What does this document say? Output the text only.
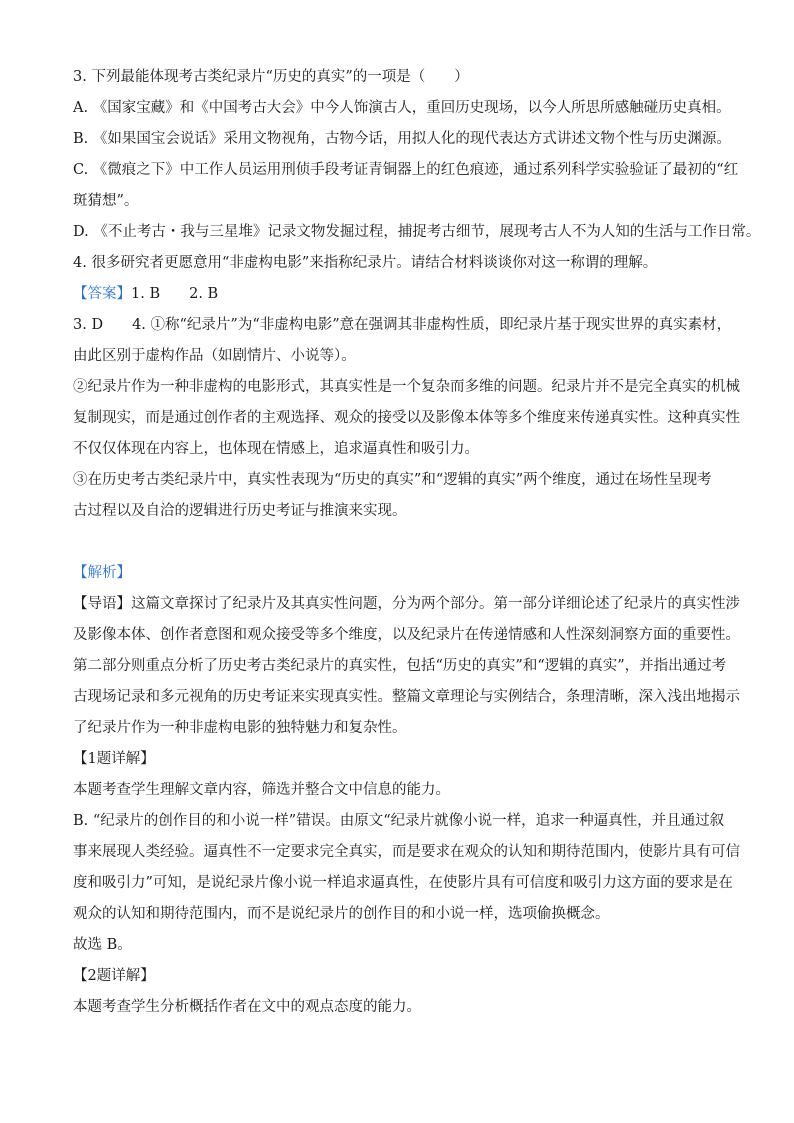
3. 下列最能体现考古类纪录片“历史的真实”的一项是（　　）
A. 《国家宝藏》和《中国考古大会》中今人饰演古人，重回历史现场，以今人所思所感触碰历史真相。
B. 《如果国宝会说话》采用文物视角，古物今话，用拟人化的现代表达方式讲述文物个性与历史渊源。
C. 《微痕之下》中工作人员运用刑侦手段考证青铜器上的红色痕迹，通过系列科学实验验证了最初的“红
斑猜想”。
D. 《不止考古・我与三星堆》记录文物发掘过程，捕捉考古细节，展现考古人不为人知的生活与工作日常。
4. 很多研究者更愿意用“非虚构电影”来指称纪录片。请结合材料谈谈你对这一称谓的理解。
【答案】1. B　　2. B
3. D　　4. ①称“纪录片”为“非虚构电影”意在强调其非虚构性质，即纪录片基于现实世界的真实素材，
由此区别于虚构作品（如剧情片、小说等）。
②纪录片作为一种非虚构的电影形式，其真实性是一个复杂而多维的问题。纪录片并不是完全真实的机械
复制现实，而是通过创作者的主观选择、观众的接受以及影像本体等多个维度来传递真实性。这种真实性
不仅仅体现在内容上，也体现在情感上，追求逼真性和吸引力。
③在历史考古类纪录片中，真实性表现为“历史的真实”和“逻辑的真实”两个维度，通过在场性呈现考
古过程以及自洽的逻辑进行历史考证与推演来实现。
【解析】
【导语】这篇文章探讨了纪录片及其真实性问题，分为两个部分。第一部分详细论述了纪录片的真实性涉
及影像本体、创作者意图和观众接受等多个维度，以及纪录片在传递情感和人性深刻洞察方面的重要性。
第二部分则重点分析了历史考古类纪录片的真实性，包括“历史的真实”和“逻辑的真实”，并指出通过考
古现场记录和多元视角的历史考证来实现真实性。整篇文章理论与实例结合，条理清晰，深入浅出地揭示
了纪录片作为一种非虚构电影的独特魅力和复杂性。
【1题详解】
本题考查学生理解文章内容，筛选并整合文中信息的能力。
B. “纪录片的创作目的和小说一样”错误。由原文“纪录片就像小说一样，追求一种逼真性，并且通过叙
事来展现人类经验。逼真性不一定要求完全真实，而是要求在观众的认知和期待范围内，使影片具有可信
度和吸引力”可知，是说纪录片像小说一样追求逼真性，在使影片具有可信度和吸引力这方面的要求是在
观众的认知和期待范围内，而不是说纪录片的创作目的和小说一样，选项偷换概念。
故选 B。
【2题详解】
本题考查学生分析概括作者在文中的观点态度的能力。
